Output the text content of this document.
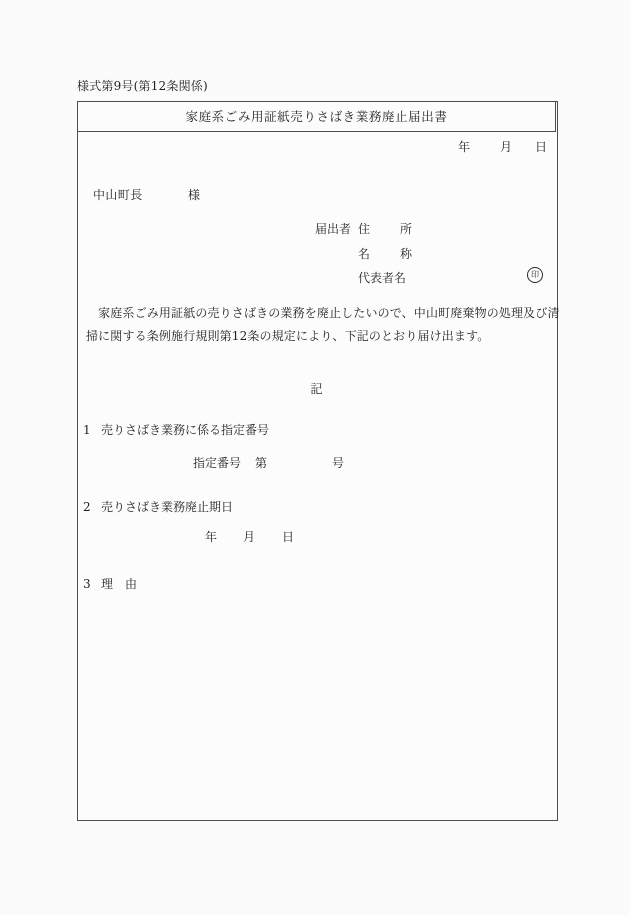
様式第9号(第12条関係)
家庭系ごみ用証紙売りさばき業務廃止届出書
年 月 日
中山町長	様
届出者 住 所
名 称
代表者名	印
　家庭系ごみ用証紙の売りさばきの業務を廃止したいので、中山町廃棄物の処理及び清
掃に関する条例施行規則第12条の規定により、下記のとおり届け出ます。
記
1 売りさばき業務に係る指定番号
指定番号 第	号
2 売りさばき業務廃止期日
年 月 日
3 理　由
